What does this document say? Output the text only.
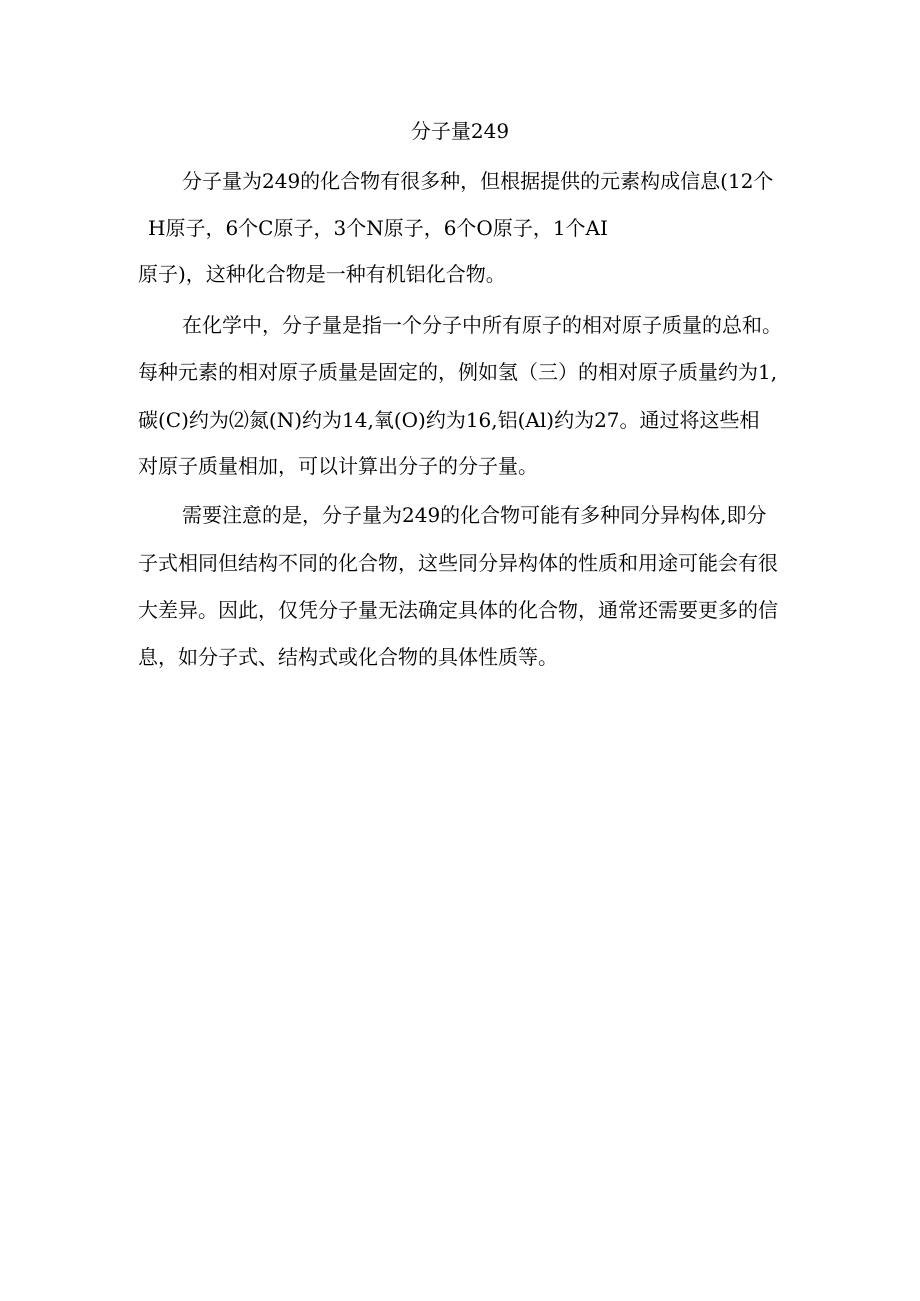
分子量249
分子量为249的化合物有很多种，但根据提供的元素构成信息(12个
H原子，6个C原子，3个N原子，6个O原子，1个AI
原子)，这种化合物是一种有机铝化合物。
在化学中，分子量是指一个分子中所有原子的相对原子质量的总和。
每种元素的相对原子质量是固定的，例如氢（三）的相对原子质量约为1,
碳(C)约为⑵氮(N)约为14,氧(O)约为16,铝(Al)约为27。通过将这些相
对原子质量相加，可以计算出分子的分子量。
需要注意的是，分子量为249的化合物可能有多种同分异构体,即分
子式相同但结构不同的化合物，这些同分异构体的性质和用途可能会有很
大差异。因此，仅凭分子量无法确定具体的化合物，通常还需要更多的信
息，如分子式、结构式或化合物的具体性质等。
